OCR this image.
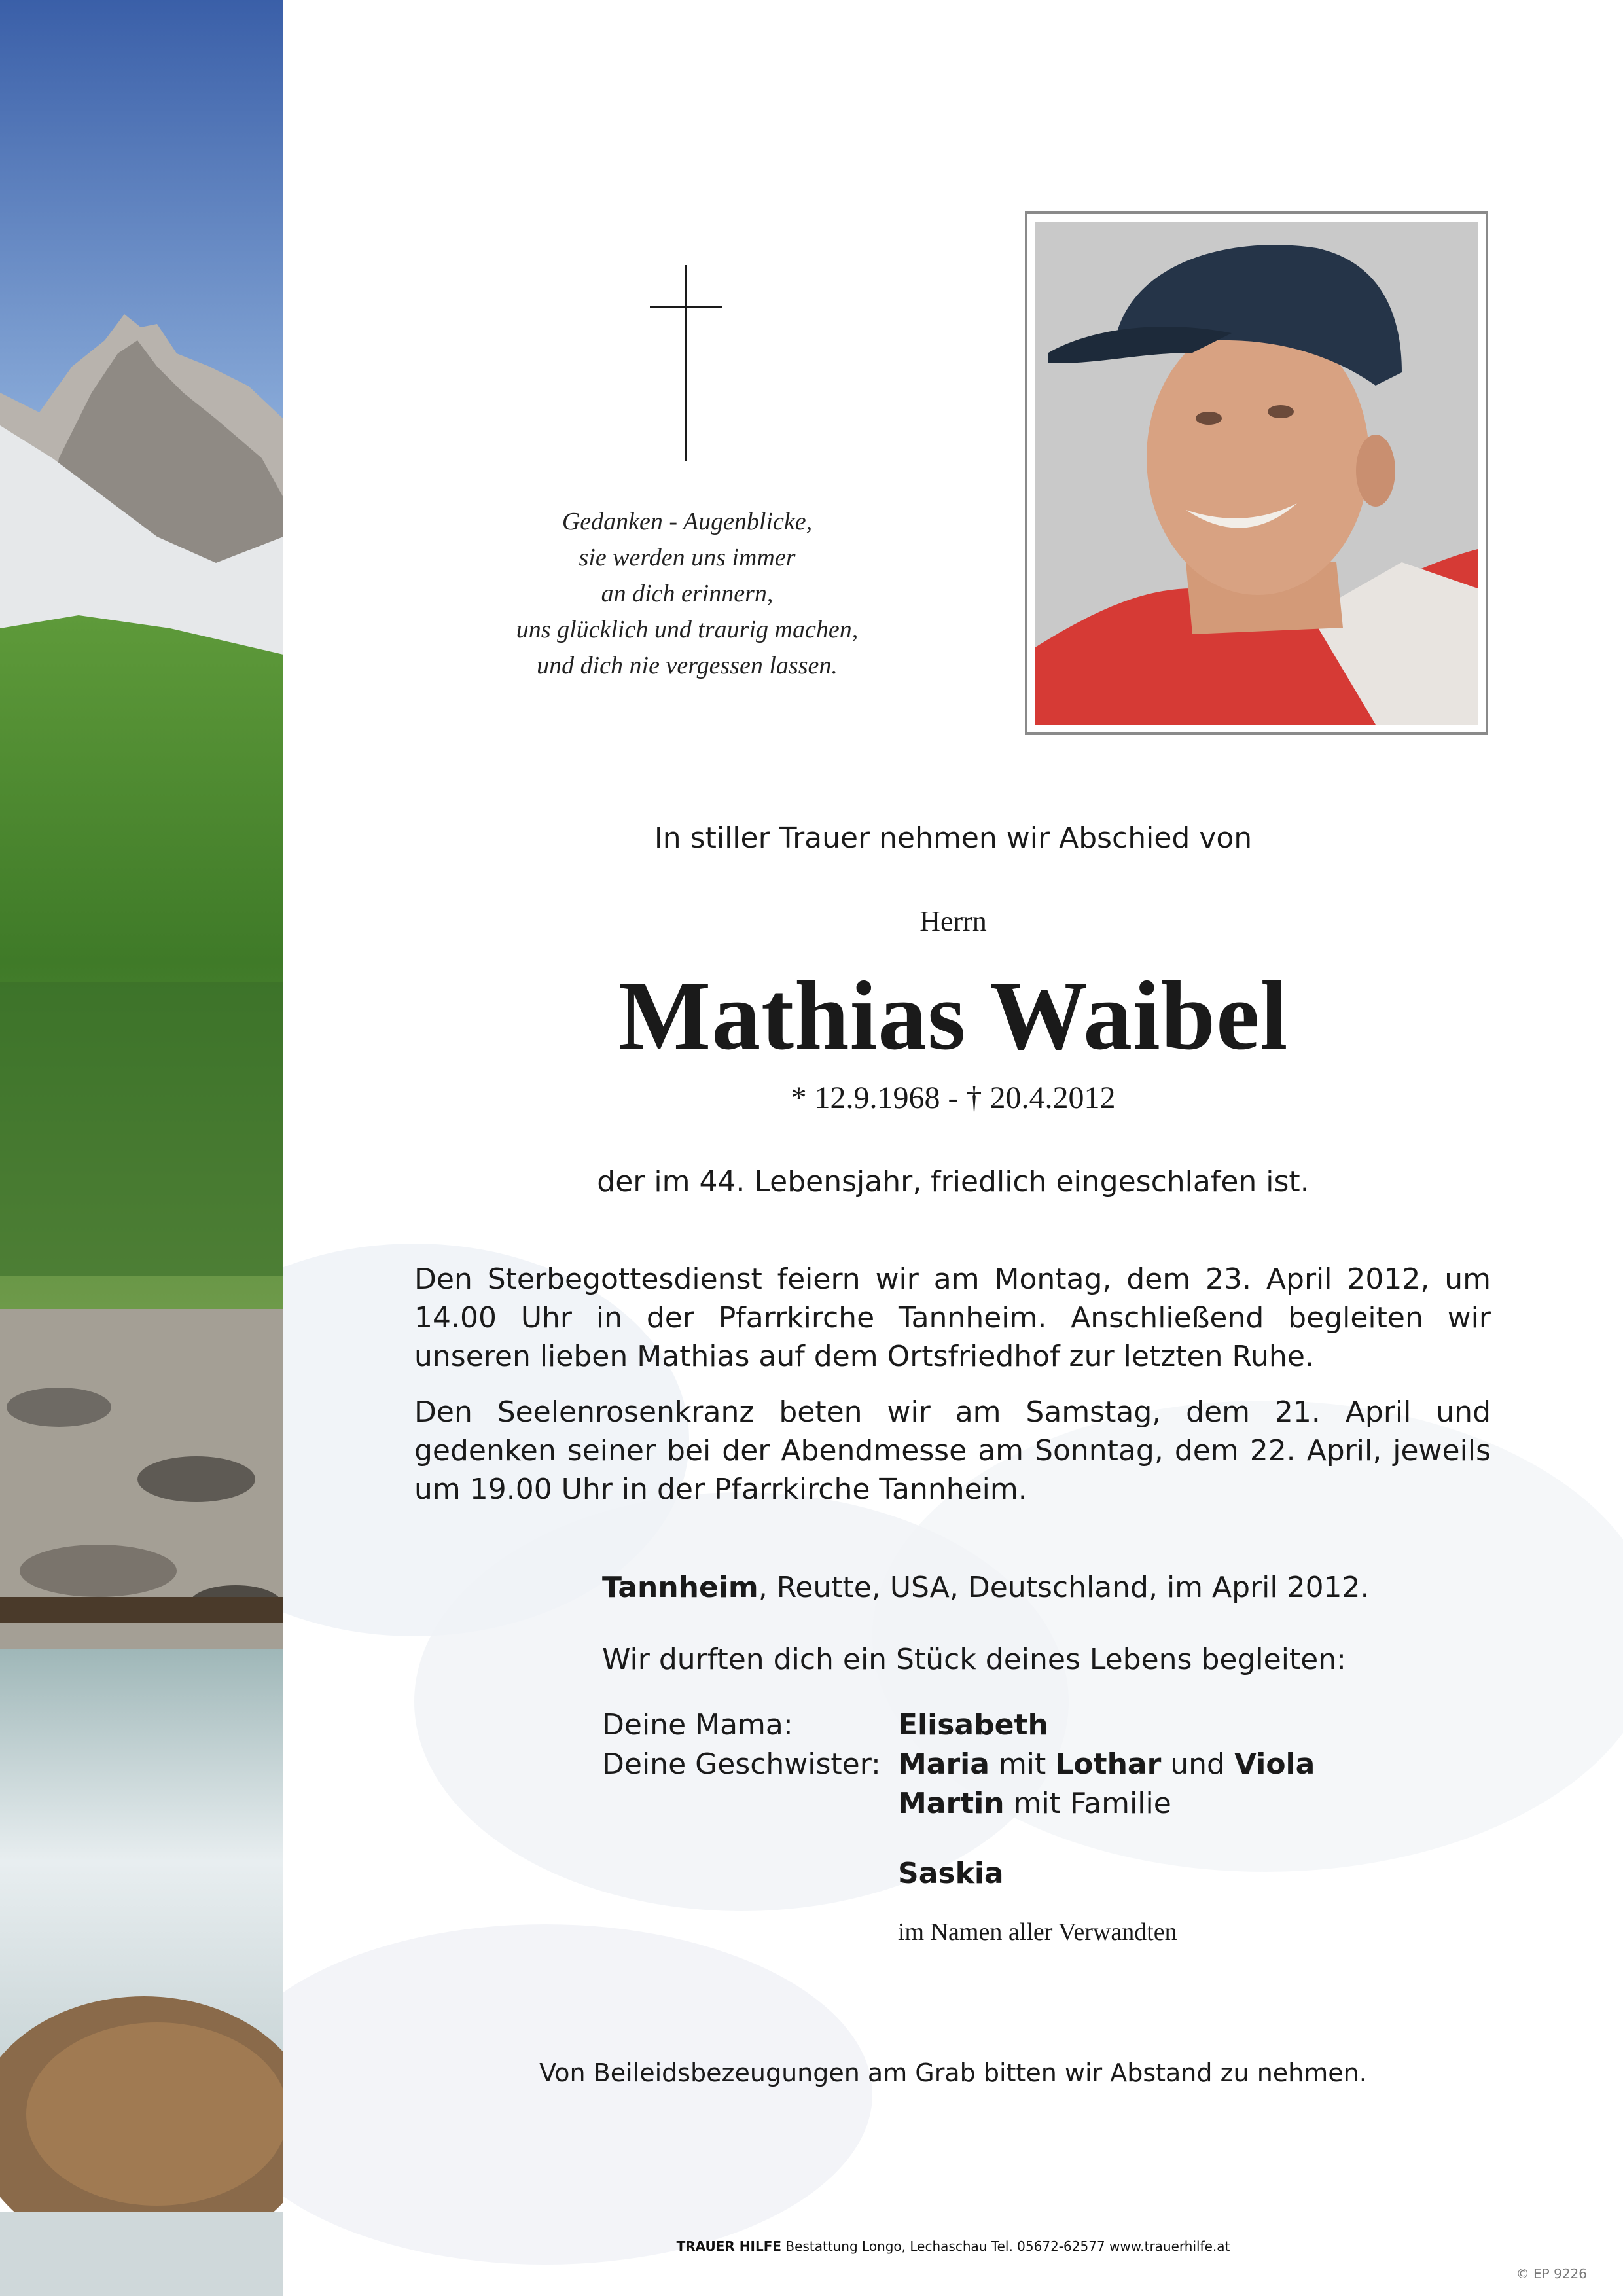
Gedanken - Augenblicke,
sie werden uns immer
an dich erinnern,
uns glücklich und traurig machen,
und dich nie vergessen lassen.
In stiller Trauer nehmen wir Abschied von
Herrn
Mathias Waibel
* 12.9.1968 - † 20.4.2012
der im 44. Lebensjahr, friedlich eingeschlafen ist.
Den Sterbegottesdienst feiern wir am Montag, dem 23. April 2012, um 14.00 Uhr in der Pfarrkirche Tannheim. Anschließend begleiten wir unseren lieben Mathias auf dem Ortsfriedhof zur letzten Ruhe.
Den Seelenrosenkranz beten wir am Samstag, dem 21. April und gedenken seiner bei der Abendmesse am Sonntag, dem 22. April, jeweils um 19.00 Uhr in der Pfarrkirche Tannheim.
Tannheim, Reutte, USA, Deutschland, im April 2012.
Wir durften dich ein Stück deines Lebens begleiten:
Deine Mama:
Deine Geschwister:
Elisabeth
Maria mit Lothar und Viola
Martin mit Familie
Saskia
im Namen aller Verwandten
Von Beileidsbezeugungen am Grab bitten wir Abstand zu nehmen.
TRAUER HILFE Bestattung Longo, Lechaschau Tel. 05672-62577 www.trauerhilfe.at
© EP 9226
